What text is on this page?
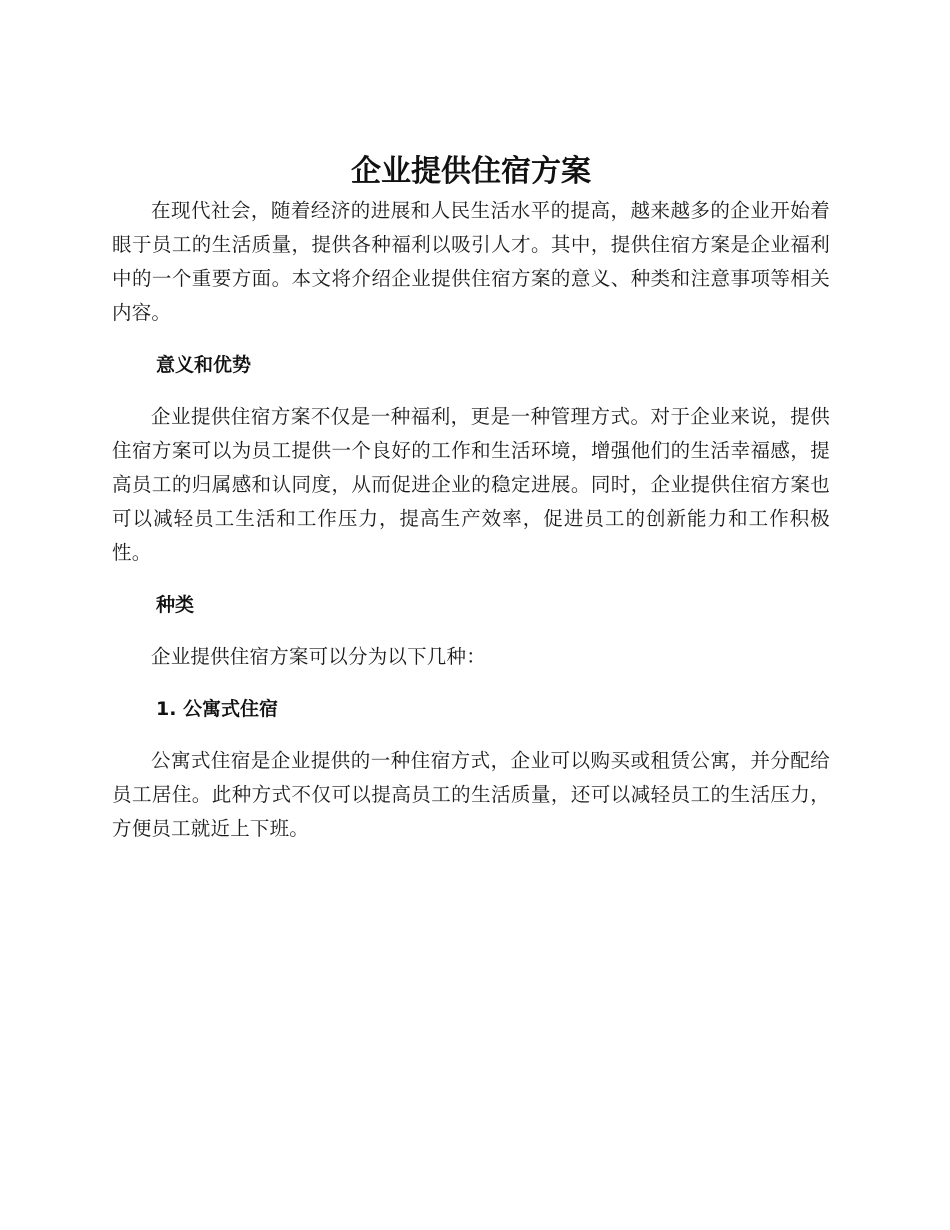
企业提供住宿方案

在现代社会，随着经济的进展和人民生活水平的提高，越来越多的企业开始着眼于员工的生活质量，提供各种福利以吸引人才。其中，提供住宿方案是企业福利中的一个重要方面。本文将介绍企业提供住宿方案的意义、种类和注意事项等相关内容。

意义和优势

企业提供住宿方案不仅是一种福利，更是一种管理方式。对于企业来说，提供住宿方案可以为员工提供一个良好的工作和生活环境，增强他们的生活幸福感，提高员工的归属感和认同度，从而促进企业的稳定进展。同时，企业提供住宿方案也可以减轻员工生活和工作压力，提高生产效率，促进员工的创新能力和工作积极性。

种类

企业提供住宿方案可以分为以下几种：

1. 公寓式住宿

公寓式住宿是企业提供的一种住宿方式，企业可以购买或租赁公寓，并分配给员工居住。此种方式不仅可以提高员工的生活质量，还可以减轻员工的生活压力，方便员工就近上下班。
